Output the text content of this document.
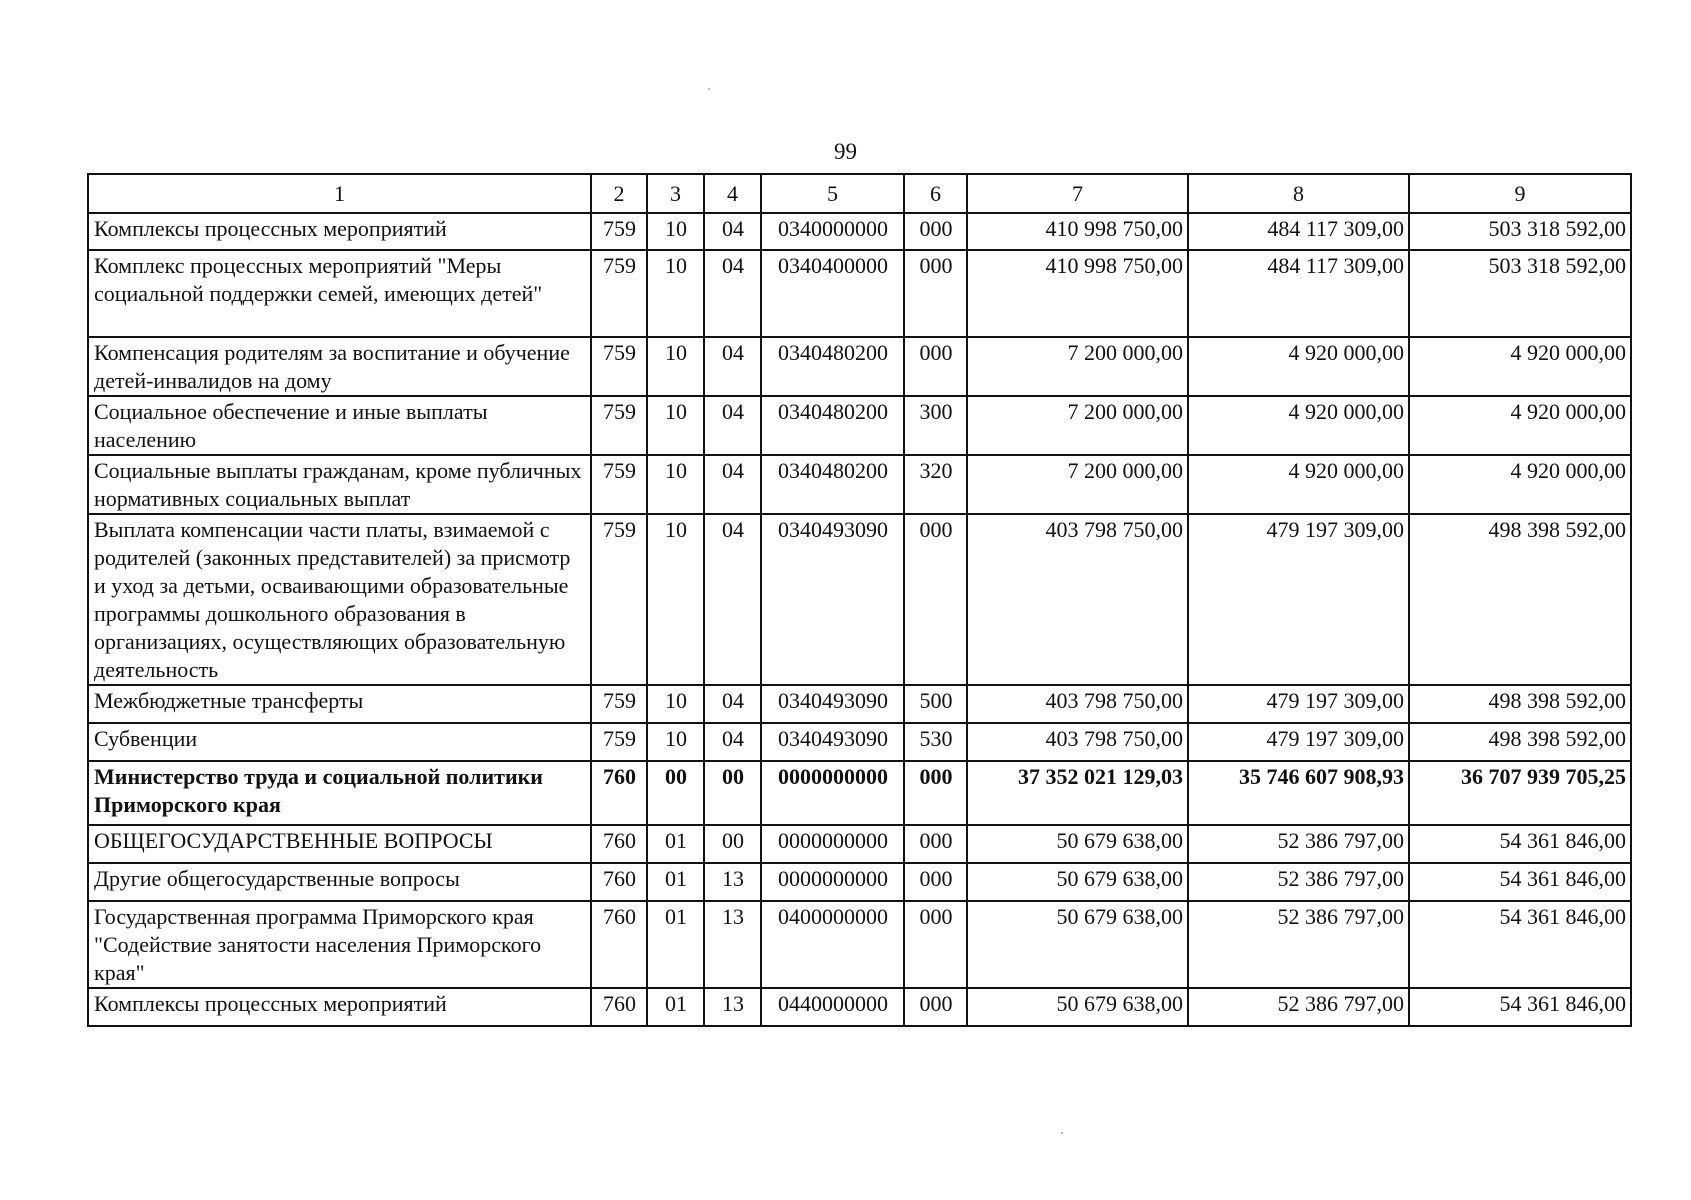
99
1	2	3	4	5	6	7	8	9
Комплексы процессных мероприятий	759	10	04	0340000000	000	410 998 750,00	484 117 309,00	503 318 592,00
Комплекс процессных мероприятий "Меры социальной поддержки семей, имеющих детей"	759	10	04	0340400000	000	410 998 750,00	484 117 309,00	503 318 592,00
Компенсация родителям за воспитание и обучение детей-инвалидов на дому	759	10	04	0340480200	000	7 200 000,00	4 920 000,00	4 920 000,00
Социальное обеспечение и иные выплаты населению	759	10	04	0340480200	300	7 200 000,00	4 920 000,00	4 920 000,00
Социальные выплаты гражданам, кроме публичных нормативных социальных выплат	759	10	04	0340480200	320	7 200 000,00	4 920 000,00	4 920 000,00
Выплата компенсации части платы, взимаемой с родителей (законных представителей) за присмотр и уход за детьми, осваивающими образовательные программы дошкольного образования в организациях, осуществляющих образовательную деятельность	759	10	04	0340493090	000	403 798 750,00	479 197 309,00	498 398 592,00
Межбюджетные трансферты	759	10	04	0340493090	500	403 798 750,00	479 197 309,00	498 398 592,00
Субвенции	759	10	04	0340493090	530	403 798 750,00	479 197 309,00	498 398 592,00
Министерство труда и социальной политики Приморского края	760	00	00	0000000000	000	37 352 021 129,03	35 746 607 908,93	36 707 939 705,25
ОБЩЕГОСУДАРСТВЕННЫЕ ВОПРОСЫ	760	01	00	0000000000	000	50 679 638,00	52 386 797,00	54 361 846,00
Другие общегосударственные вопросы	760	01	13	0000000000	000	50 679 638,00	52 386 797,00	54 361 846,00
Государственная программа Приморского края "Содействие занятости населения Приморского края"	760	01	13	0400000000	000	50 679 638,00	52 386 797,00	54 361 846,00
Комплексы процессных мероприятий	760	01	13	0440000000	000	50 679 638,00	52 386 797,00	54 361 846,00
